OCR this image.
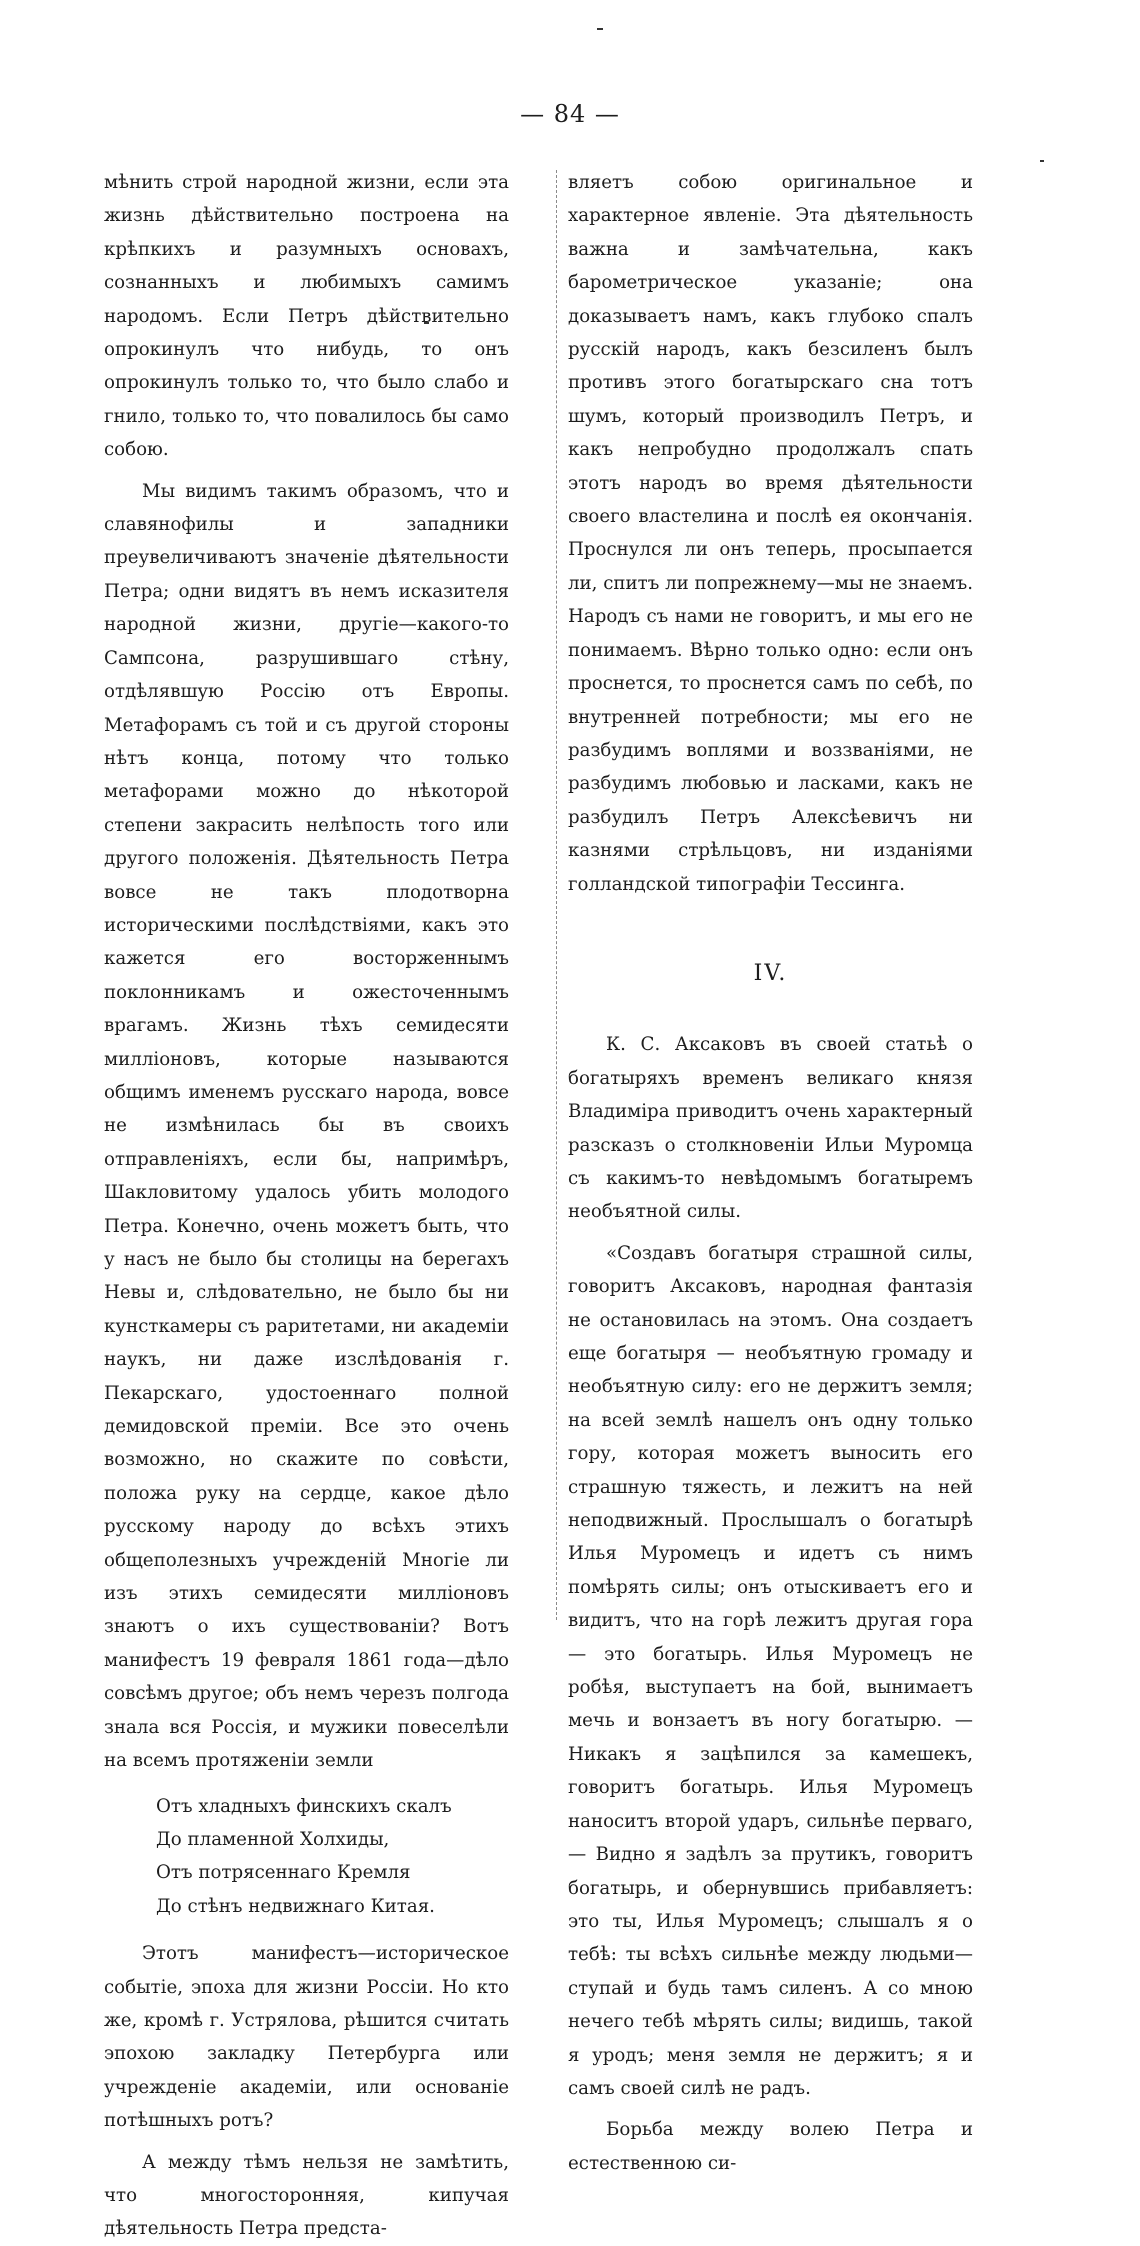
— 84 —

мѣнить строй народной жизни, если эта жизнь дѣйствительно построена на крѣпкихъ и разумныхъ основахъ, сознанныхъ и любимыхъ самимъ народомъ. Если Петръ дѣйствительно опрокинулъ что нибудь, то онъ опрокинулъ только то, что было слабо и гнило, только то, что повалилось бы само собою.

Мы видимъ такимъ образомъ, что и славянофилы и западники преувеличиваютъ значеніе дѣятельности Петра; одни видятъ въ немъ исказителя народной жизни, другіе—какого-то Сампсона, разрушившаго стѣну, отдѣлявшую Россію отъ Европы. Метафорамъ съ той и съ другой стороны нѣтъ конца, потому что только метафорами можно до нѣкоторой степени закрасить нелѣпость того или другого положенія. Дѣятельность Петра вовсе не такъ плодотворна историческими послѣдствіями, какъ это кажется его восторженнымъ поклонникамъ и ожесточеннымъ врагамъ. Жизнь тѣхъ семидесяти милліоновъ, которые называются общимъ именемъ русскаго народа, вовсе не измѣнилась бы въ своихъ отправленіяхъ, если бы, напримѣръ, Шакловитому удалось убить молодого Петра. Конечно, очень можетъ быть, что у насъ не было бы столицы на берегахъ Невы и, слѣдовательно, не было бы ни кунсткамеры съ раритетами, ни академіи наукъ, ни даже изслѣдованія г. Пекарскаго, удостоеннаго полной демидовской преміи. Все это очень возможно, но скажите по совѣсти, положа руку на сердце, какое дѣло русскому народу до всѣхъ этихъ общеполезныхъ учрежденій Многіе ли изъ этихъ семидесяти милліоновъ знаютъ о ихъ существованіи? Вотъ манифестъ 19 февраля 1861 года—дѣло совсѣмъ другое; объ немъ черезъ полгода знала вся Россія, и мужики повеселѣли на всемъ протяженіи земли

Отъ хладныхъ финскихъ скалъ
До пламенной Холхиды,
Отъ потрясеннаго Кремля
До стѣнъ недвижнаго Китая.

Этотъ манифестъ—историческое событіе, эпоха для жизни Россіи. Но кто же, кромѣ г. Устрялова, рѣшится считать эпохою закладку Петербурга или учрежденіе академіи, или основаніе потѣшныхъ ротъ?

А между тѣмъ нельзя не замѣтить, что многосторонняя, кипучая дѣятельность Петра предста-

вляетъ собою оригинальное и характерное явленіе. Эта дѣятельность важна и замѣчательна, какъ барометрическое указаніе; она доказываетъ намъ, какъ глубоко спалъ русскій народъ, какъ безсиленъ былъ противъ этого богатырскаго сна тотъ шумъ, который производилъ Петръ, и какъ непробудно продолжалъ спать этотъ народъ во время дѣятельности своего властелина и послѣ ея окончанія. Проснулся ли онъ теперь, просыпается ли, спитъ ли попрежнему—мы не знаемъ. Народъ съ нами не говоритъ, и мы его не понимаемъ. Вѣрно только одно: если онъ проснется, то проснется самъ по себѣ, по внутренней потребности; мы его не разбудимъ воплями и воззваніями, не разбудимъ любовью и ласками, какъ не разбудилъ Петръ Алексѣевичъ ни казнями стрѣльцовъ, ни изданіями голландской типографіи Тессинга.

IV.

К. С. Аксаковъ въ своей статьѣ о богатыряхъ временъ великаго князя Владиміра приводитъ очень характерный разсказъ о столкновеніи Ильи Муромца съ какимъ-то невѣдомымъ богатыремъ необъятной силы.

«Создавъ богатыря страшной силы, говоритъ Аксаковъ, народная фантазія не остановилась на этомъ. Она создаетъ еще богатыря — необъятную громаду и необъятную силу: его не держитъ земля; на всей землѣ нашелъ онъ одну только гору, которая можетъ выносить его страшную тяжесть, и лежитъ на ней неподвижный. Прослышалъ о богатырѣ Илья Муромецъ и идетъ съ нимъ помѣрять силы; онъ отыскиваетъ его и видитъ, что на горѣ лежитъ другая гора — это богатырь. Илья Муромецъ не робѣя, выступаетъ на бой, вынимаетъ мечь и вонзаетъ въ ногу богатырю. — Никакъ я зацѣпился за камешекъ, говоритъ богатырь. Илья Муромецъ наноситъ второй ударъ, сильнѣе перваго,— Видно я задѣлъ за прутикъ, говоритъ богатырь, и обернувшись прибавляетъ: это ты, Илья Муромецъ; слышалъ я о тебѣ: ты всѣхъ сильнѣе между людьми—ступай и будь тамъ силенъ. А со мною нечего тебѣ мѣрять силы; видишь, такой я уродъ; меня земля не держитъ; я и самъ своей силѣ не радъ.

Борьба между волею Петра и естественною си-
